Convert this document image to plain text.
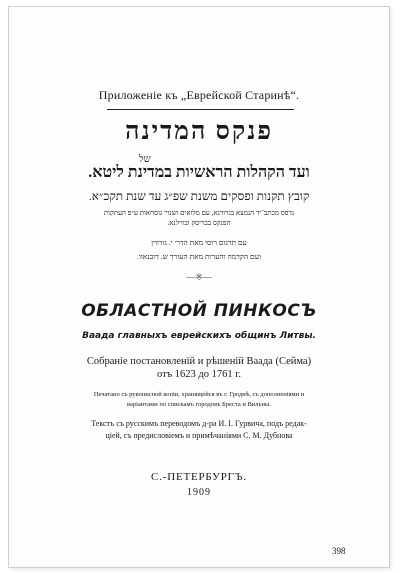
Приложеніе къ „Еврейской Старинѣ“.
פנקס המדינה
של
ועד הקהלות הראשיות במדינת ליטא.
קובץ תקנות ופסקים משנת שפ״ג עד שנת תקכ״א.
נדפס מכתב־יד הנמצא בגרודנא, עם מלואים ושנויי נוסחאות ע״פ העתקות
הפנקס בבריסק ובווילנא.
עם תרגום רוסי מאת הדר׳ י. גורווין
ועם הקדמה והערות מאת העורך ש. דובנאוו.
—※—
ОБЛАСТНОЙ ПИНКОСЪ
Ваада главныхъ еврейскихъ общинъ Литвы.
Собраніе постановленій и рѣшеній Ваада (Сейма)
отъ 1623 до 1761 г.
Печатано съ рукописной копіи, хранящейся въ г. Гроднѣ, съ дополненіями и
варіантами по спискамъ городовъ Бреста и Вильны.
Текстъ съ русскимъ переводомъ д-ра И. І. Гурвича, подъ редак-
ціей, съ предисловіемъ и примѣчаніями С. М. Дубнова
С.-ПЕТЕРБУРГЪ.
1909
398
